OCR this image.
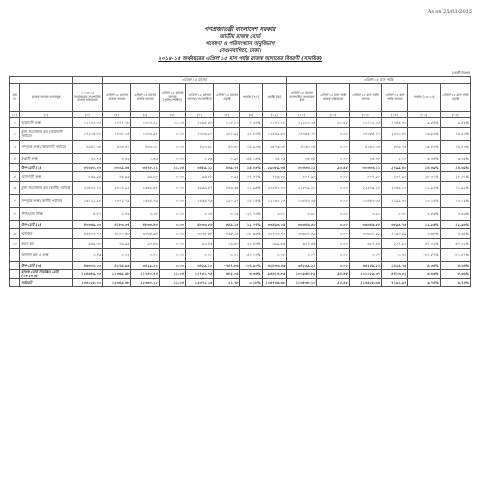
As on 25/03/2015
গণপ্রজাতন্ত্রী বাংলাদেশ সরকার
জাতীয় রাজস্ব বোর্ড
গবেষণা ও পরিসংখ্যান অনুবিভাগ
সেগুনবাগিচা, ঢাকা।
২০১৪-১৫ অর্থবছরের এপ্রিল'১৫ মাস পর্যন্ত রাজস্ব আদায়ের বিবরণী (সাময়িক)
(কোটি টাকায়)
			এপ্রিল'১৫ মাসের							এপ্রিল'১৫ মাস পর্যন্ত					
ক্রম নং	রাজস্ব আদায় খাতসমূহ	২০১৪-১৫ অর্থবছরের সংশোধিত রাজস্ব লক্ষ্যমাত্রা	এপ্রিল'১৫ মাসের রাজস্ব আদায়	এপ্রিল'১৪ মাসের রাজস্ব আদায়	এপ্রিল'১৫ মাসের আদায় (পূর্বসংশোধিত)	এপ্রিল'১৫ মাসের আদায় (সংশোধিত)	এপ্রিল'১৫ মাসের প্রবৃদ্ধি	পার্থক্য (+/-)	প্রবৃদ্ধি (%)	এপ্রিল'১৫ মাসের সংশোধিত আদায়ের হার	এপ্রিল'১৫ মাস পর্যন্ত রাজস্ব লক্ষ্যমাত্রা	এপ্রিল'১৫ মাস পর্যন্ত আদায়	এপ্রিল'১৪ মাস পর্যন্ত আদায়	পার্থক্য (১৪-১৩)	এপ্রিল'১৫ মাস পর্যন্ত প্রবৃদ্ধি
(১)	(২)	(৩)	(৪)	(৫)	(৬)	(৭)	(৮)	(৯)	(১০)	(১১)	(১২)	(১৩)	(১৪)	(১৫)	(১৬)
১	আমদানি শুল্ক	১২১০০.০০	১০৭৭.৭৮	১০০৩.৪২	১১.০৪	১০৯৫.৫৮	১১৮.১০	৭.৩৭%	১০৩৭.০৮	১২২০০.৩৫	৯০.৫৫	১১১১২.০৩	১০৫৫.৩০	৯.৫৫%	৯.৫৫%
২	মূল্য সংযোজন কর (আমদানি পর্যায়ে)	১৭২১৫.৮০	১৪০৮.০৫	১৩০৬.৯৭	০.০০	১৩০৬.৯৭	২৮০.৯২	২১.৮০%	১২৫৫৯.৫৩	১৪৩৫৫.৭৭	০.০০	১৪৩৫৫.৭৭	২৩৭০.৪০	১৬.৯০%	১৬.৯০%
৩	সম্পূরক শুল্ক (আমদানি পর্যায়ে)	৪৬৫১.৩৫	৪০৬.৫১	৪৬৩.৩১	০.০০	৪২৩.৬১	৫৩.৫০	১৪.৯০%	৩৫৭৬.৩৪	৪১৬৩.০৫	০.০০	৪১৬৩.০৫	৫৮৬.৭৫	১৬.৪০%	১৬.৪০%
৪	রপ্তানি শুল্ক	৩০.৭৫	৩.৪৬	১.৫৬	০.০০	১.৫৬	-১.৯০	-৫৫.১৫%	৩৫.০৬	৩৫.৪৪	০.০০	৩৫.৪৪	২.১০	৬.৩৫%	৬.৩৫%
	উপ-মোট (১)	৩৭৩৫০.০০	৩০০৯.৩৫	৩৪৭৮.১১	১১.০৪	৩৪৮৯.১১	৪৩৯.৭৭	১৫.০৫%	২৯৩৮৯.৩৪	৩০৩৩৩.১১	৯০.৫৫	৩০৩৩৩.১১	২৭৯৯.৪০	১৪.৩৯%	১৪.৩৯%
৫	আবগারী শুল্ক	৮৫৯.৯৫	৭৫.৯৬	৯৬.৮৮	০.০০	৯৬.৮৮	০.৯২	১৭.৩৭%	৭৮৬.০০	৮০৭.৯০	০.০০	৮০৭.৯০	২৩১.৯০	২৮.৩১%	২৮.৩১%
৬	মূল্য সংযোজন কর (স্থানীয় পর্যায়ে)	২৩৫০১.৭২	২৩১৪.৯২	২৬৫৯.৫৭	০.০০	২৬৫৯.৫৭	৩৪৬.৬৫	১১.৯৫%	২০৫৫০.০০	২২৫০৯.২০	০.০০	২২৫০৯.২০	২৩৫৯.২০	১১.৯২%	১১.৯২%
৭	সম্পূরক শুল্ক (স্থানীয় পর্যায়ে)	১৬১২২.৯৪	১৩৭২.৭৯	১৫৬৪.৭৬	০.০০	১৫৬৪.৭৬	১৯০.৯৭	১৪.১৫%	১২১৬০.২৫	১৩৪৫৩.৩৫	০.০০	১৩৪৫৩.৩৫	১২৯৯.৩০	১৩.১৫%	১৩.১৫%
৮	টার্নওভার ট্যাক্স	৪.৮৭	০.৪৬	০.৩৫	০.০০	০.৩৫	-০.১৫	-২১.৭৩%	৩.৮১	৩.৯১	০.০০	৩.৯১	০.৩০	৩.৫৬%	৩.৫৬%
	উপ-মোট (২)	৪০৩৩৯.০০	৪১৮৩.৩৭	৪৮৩৩.৫৩	০.০০	৪৮৩৩.৫৩	৫৪৯.১৫	১২.৭৭%	৩৩৪৯৩.০৬	৩৬৩৪৬.৫০	০.০০	৩৬৩৪৬.৫০	৩৫৯৫.৭৫	১২.৯৬%	১২.৯৬%
৯	আয়কর	৪৫৫০০.০০	৪১০০.৬৩	৩৩৩৫.৬৪	০.০০	৩৩৩৫.৬৪	-৭৬৫.১৫	-১৮.৬৬%	৩২৪৩৩.৪০	৩৩৬৩১.৫৯	০.০০	৩৩৬৩১.৫৯	১১৯৩.৫৯	৩.৬৮%	৩.৬৮%
১০	ভ্রমণ কর	৬৫৯.৩০	৭৬.৯৬	৯৩.৪৬	০.০০	৯৩.৪৬	১৬.৫০	২১.৪৩%	৩৯৯.৬৬	৬২৭.৫৬	০.০০	৬২৭.৫৬	২২৭.৯০	৫৭.০২%	৫৭.০২%
	অন্যান্য কর ও শুল্ক	৩.৪৬	০.০২	০.০১	০.০০	০.০১	-০.০১	-৫০.০০%	০.৩৮	০.০৭	০.০০	০.০৭	-০.৩১	-৮১.৫৭%	-৮১.৫৭%
	উপ-মোট (৩)	৪৬৩০০.০০	৪১৭৬.৯৬	৩৪২৯.১০	০.০০	৩৪২৯.১০	-৭৪৭.৮৬	-১৭.৯০%	৩২৮৩৩.৪৬	৩৪২৫৯.২১	০.০০	৩৪২৫৯.২১	১৪২৫.৭৫	৪.৩৪%	৪.৩৪%
	রাজস্ব বোর্ড নিয়ন্ত্রিত মোট (১+২+৩)	১২৪৬৮৯.০০	১১৩৬৯.৬৮	১১৭৪০.৭৪	১১.০৪	১১৭৫১.৭৪	৩৮২.০৬	৩.৩৬%	৯৫৬১৫.৮৬	১০০৯৩৮.৮২	৯০.৫৫	১০১০২৯.৩৭	৫৪১৩.৫১	৫.৬৬%	৫.৬৬%
	সর্বমোট	১৩৫০২৮.০০	১২৩৪৯.৩৮	১২৩৬০.১২	১১.০৪	১২৩৭১.১৬	২১.৭৮	০.১৮%	১০৬৭৩৬.৬৮	১১৩৮৩৮.১০	৯০.৫৫	১১৩৯২৮.৬৫	৭১৯১.৯৭	৬.৭৪%	৬.৭৪%
